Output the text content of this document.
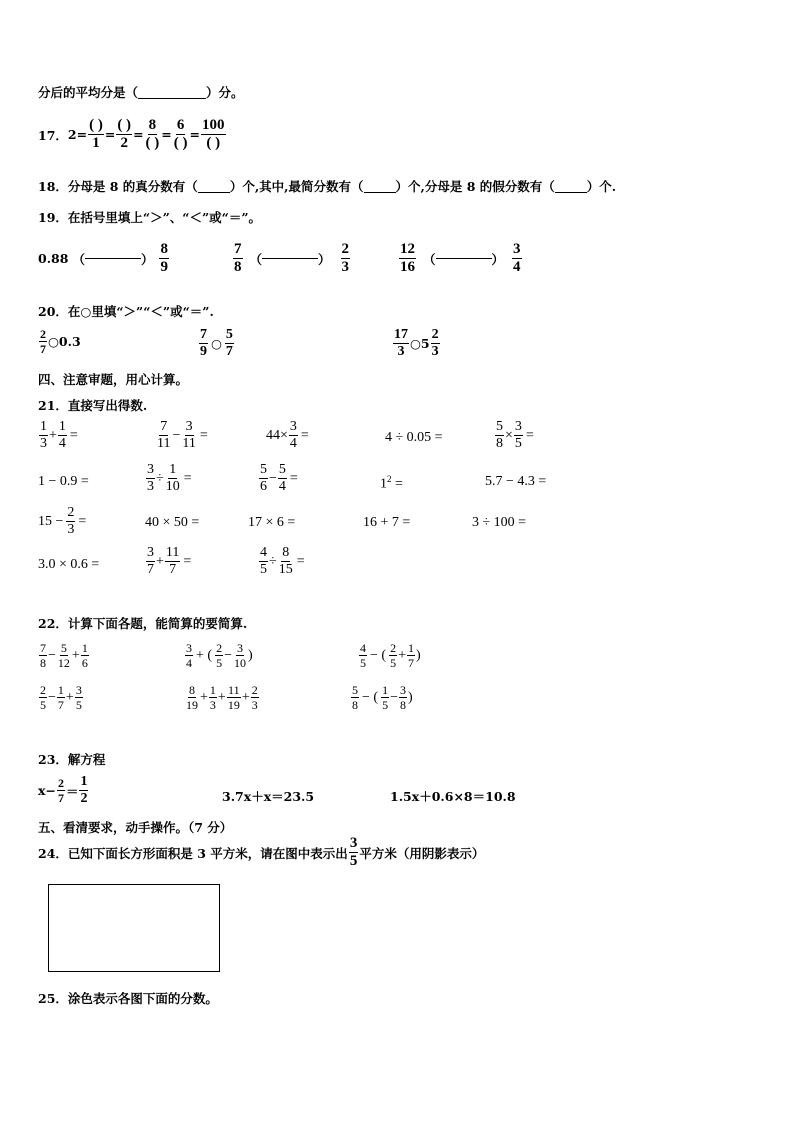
分后的平均分是（	）分。
17． $2= \frac{( )}{1} = \frac{( )}{2} = \frac{8}{( )} = \frac{6}{( )} = \frac{100}{( )}$
18．分母是 8 的真分数有（	）个,其中,最简分数有（	）个,分母是 8 的假分数有（	）个.
19．在括号里填上“＞”、“＜”或“＝”。
0.88 （	） $\frac{8}{9}$	$\frac{7}{8}$ （	） $\frac{2}{3}$	$\frac{12}{16}$ （	） $\frac{3}{4}$
20．在○里填“＞”“＜”或“＝”.
$\frac{2}{7}$ ○0.3	$\frac{7}{9}$ ○ $\frac{5}{7}$	$\frac{17}{3}$ ○5 $\frac{2}{3}$
四、注意审题，用心计算。
21．直接写出得数.
$\frac{1}{3} + \frac{1}{4}$ =	$\frac{7}{11} - \frac{3}{11}$ =	$44\times \frac{3}{4}$ =	4 ÷ 0.05 =	$\frac{5}{8} \times \frac{3}{5}$ =
1 − 0.9 =	$\frac{3}{3} \div \frac{1}{10}$ =	$\frac{5}{6} - \frac{5}{4}$ =	$1^2$ =	5.7 − 4.3 =
$15 - \frac{2}{3}$ =	40 × 50 =	17 × 6 =	16 + 7 =	3 ÷ 100 =
3.0 × 0.6 =	$\frac{3}{7} + \frac{11}{7}$ =	$\frac{4}{5} \div \frac{8}{15}$ =
22．计算下面各题，能简算的要简算.
$\frac{7}{8} - \frac{5}{12} + \frac{1}{6}$	$\frac{3}{4}$ + ( $\frac{2}{5} - \frac{3}{10}$ )	$\frac{4}{5}$ − ( $\frac{2}{5} + \frac{1}{7}$ )
$\frac{2}{5} - \frac{1}{7} + \frac{3}{5}$	$\frac{8}{19} + \frac{1}{3} + \frac{11}{19} + \frac{2}{3}$	$\frac{5}{8}$ − ( $\frac{1}{5} - \frac{3}{8}$ )
23．解方程
$x- \frac{2}{7} = \frac{1}{2}$	3.7x＋x＝23.5	1.5x＋0.6×8＝10.8
五、看清要求，动手操作。（7 分）
24． 已知下面长方形面积是 3 平方米，请在图中表示出 $\frac{3}{5}$ 平方米（用阴影表示）
25．涂色表示各图下面的分数。
